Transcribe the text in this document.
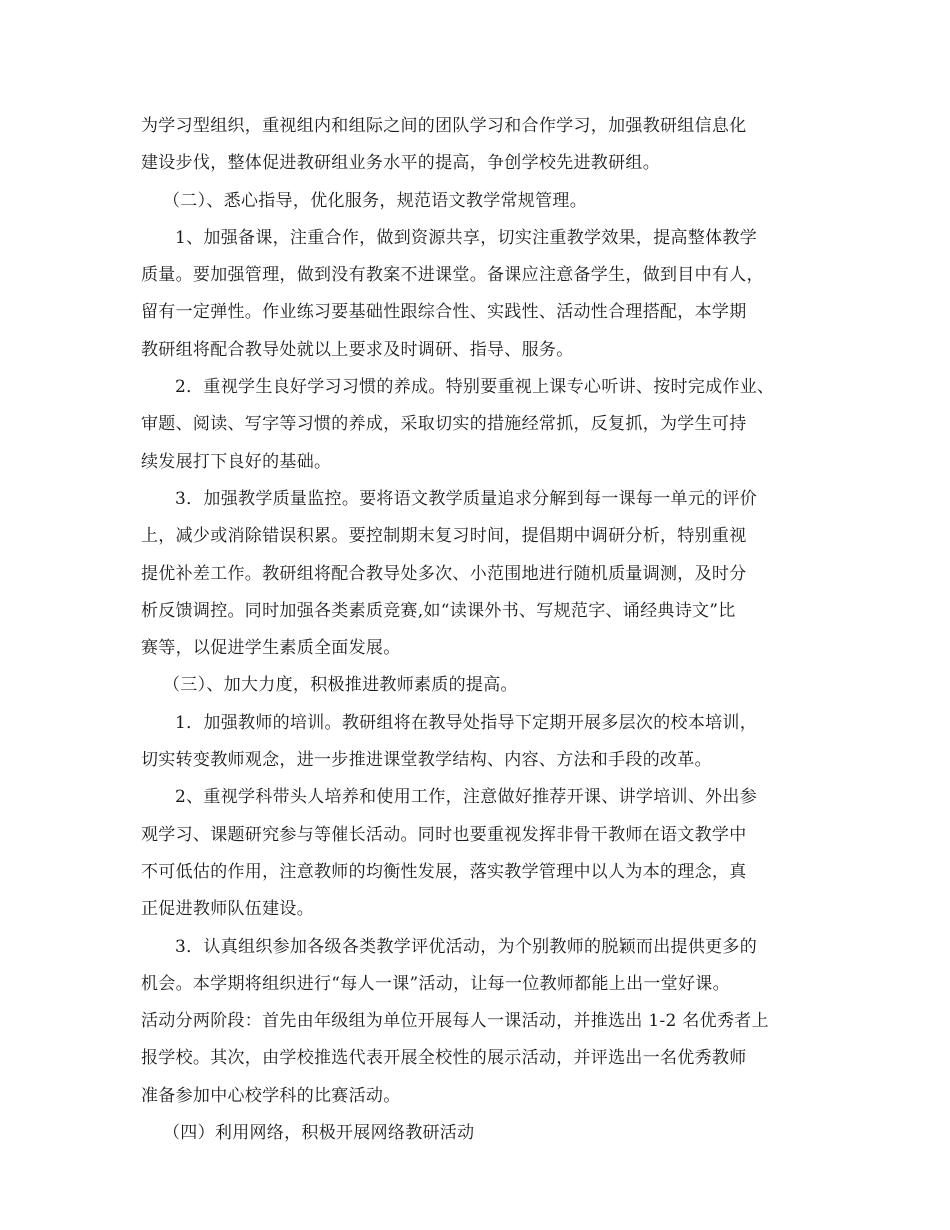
为学习型组织，重视组内和组际之间的团队学习和合作学习，加强教研组信息化
建设步伐，整体促进教研组业务水平的提高，争创学校先进教研组。
（二）、悉心指导，优化服务，规范语文教学常规管理。
1、加强备课，注重合作，做到资源共享，切实注重教学效果，提高整体教学
质量。要加强管理，做到没有教案不进课堂。备课应注意备学生，做到目中有人，
留有一定弹性。作业练习要基础性跟综合性、实践性、活动性合理搭配，本学期
教研组将配合教导处就以上要求及时调研、指导、服务。
2．重视学生良好学习习惯的养成。特别要重视上课专心听讲、按时完成作业、
审题、阅读、写字等习惯的养成，采取切实的措施经常抓，反复抓，为学生可持
续发展打下良好的基础。
3．加强教学质量监控。要将语文教学质量追求分解到每一课每一单元的评价
上，减少或消除错误积累。要控制期末复习时间，提倡期中调研分析，特别重视
提优补差工作。教研组将配合教导处多次、小范围地进行随机质量调测，及时分
析反馈调控。同时加强各类素质竞赛,如“读课外书、写规范字、诵经典诗文”比
赛等，以促进学生素质全面发展。
（三）、加大力度，积极推进教师素质的提高。
1．加强教师的培训。教研组将在教导处指导下定期开展多层次的校本培训，
切实转变教师观念，进一步推进课堂教学结构、内容、方法和手段的改革。
2、重视学科带头人培养和使用工作，注意做好推荐开课、讲学培训、外出参
观学习、课题研究参与等催长活动。同时也要重视发挥非骨干教师在语文教学中
不可低估的作用，注意教师的均衡性发展，落实教学管理中以人为本的理念，真
正促进教师队伍建设。
3．认真组织参加各级各类教学评优活动，为个别教师的脱颖而出提供更多的
机会。本学期将组织进行“每人一课”活动，让每一位教师都能上出一堂好课。
活动分两阶段：首先由年级组为单位开展每人一课活动，并推选出 1-2 名优秀者上
报学校。其次，由学校推选代表开展全校性的展示活动，并评选出一名优秀教师
准备参加中心校学科的比赛活动。
（四）利用网络，积极开展网络教研活动
